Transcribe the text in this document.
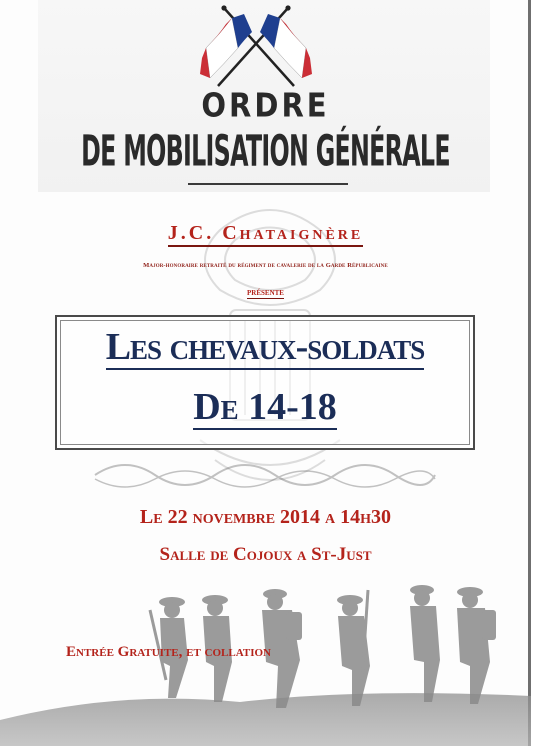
ORDRE
DE MOBILISATION GÉNÉRALE
J.C. Chataignère
Major-honoraire retraité du régiment de cavalerie de la Garde Républicaine
présente
Les chevaux-soldats
De 14-18
Le 22 novembre 2014 a 14h30
Salle de Cojoux a St-Just
Entrée Gratuite, et collation
